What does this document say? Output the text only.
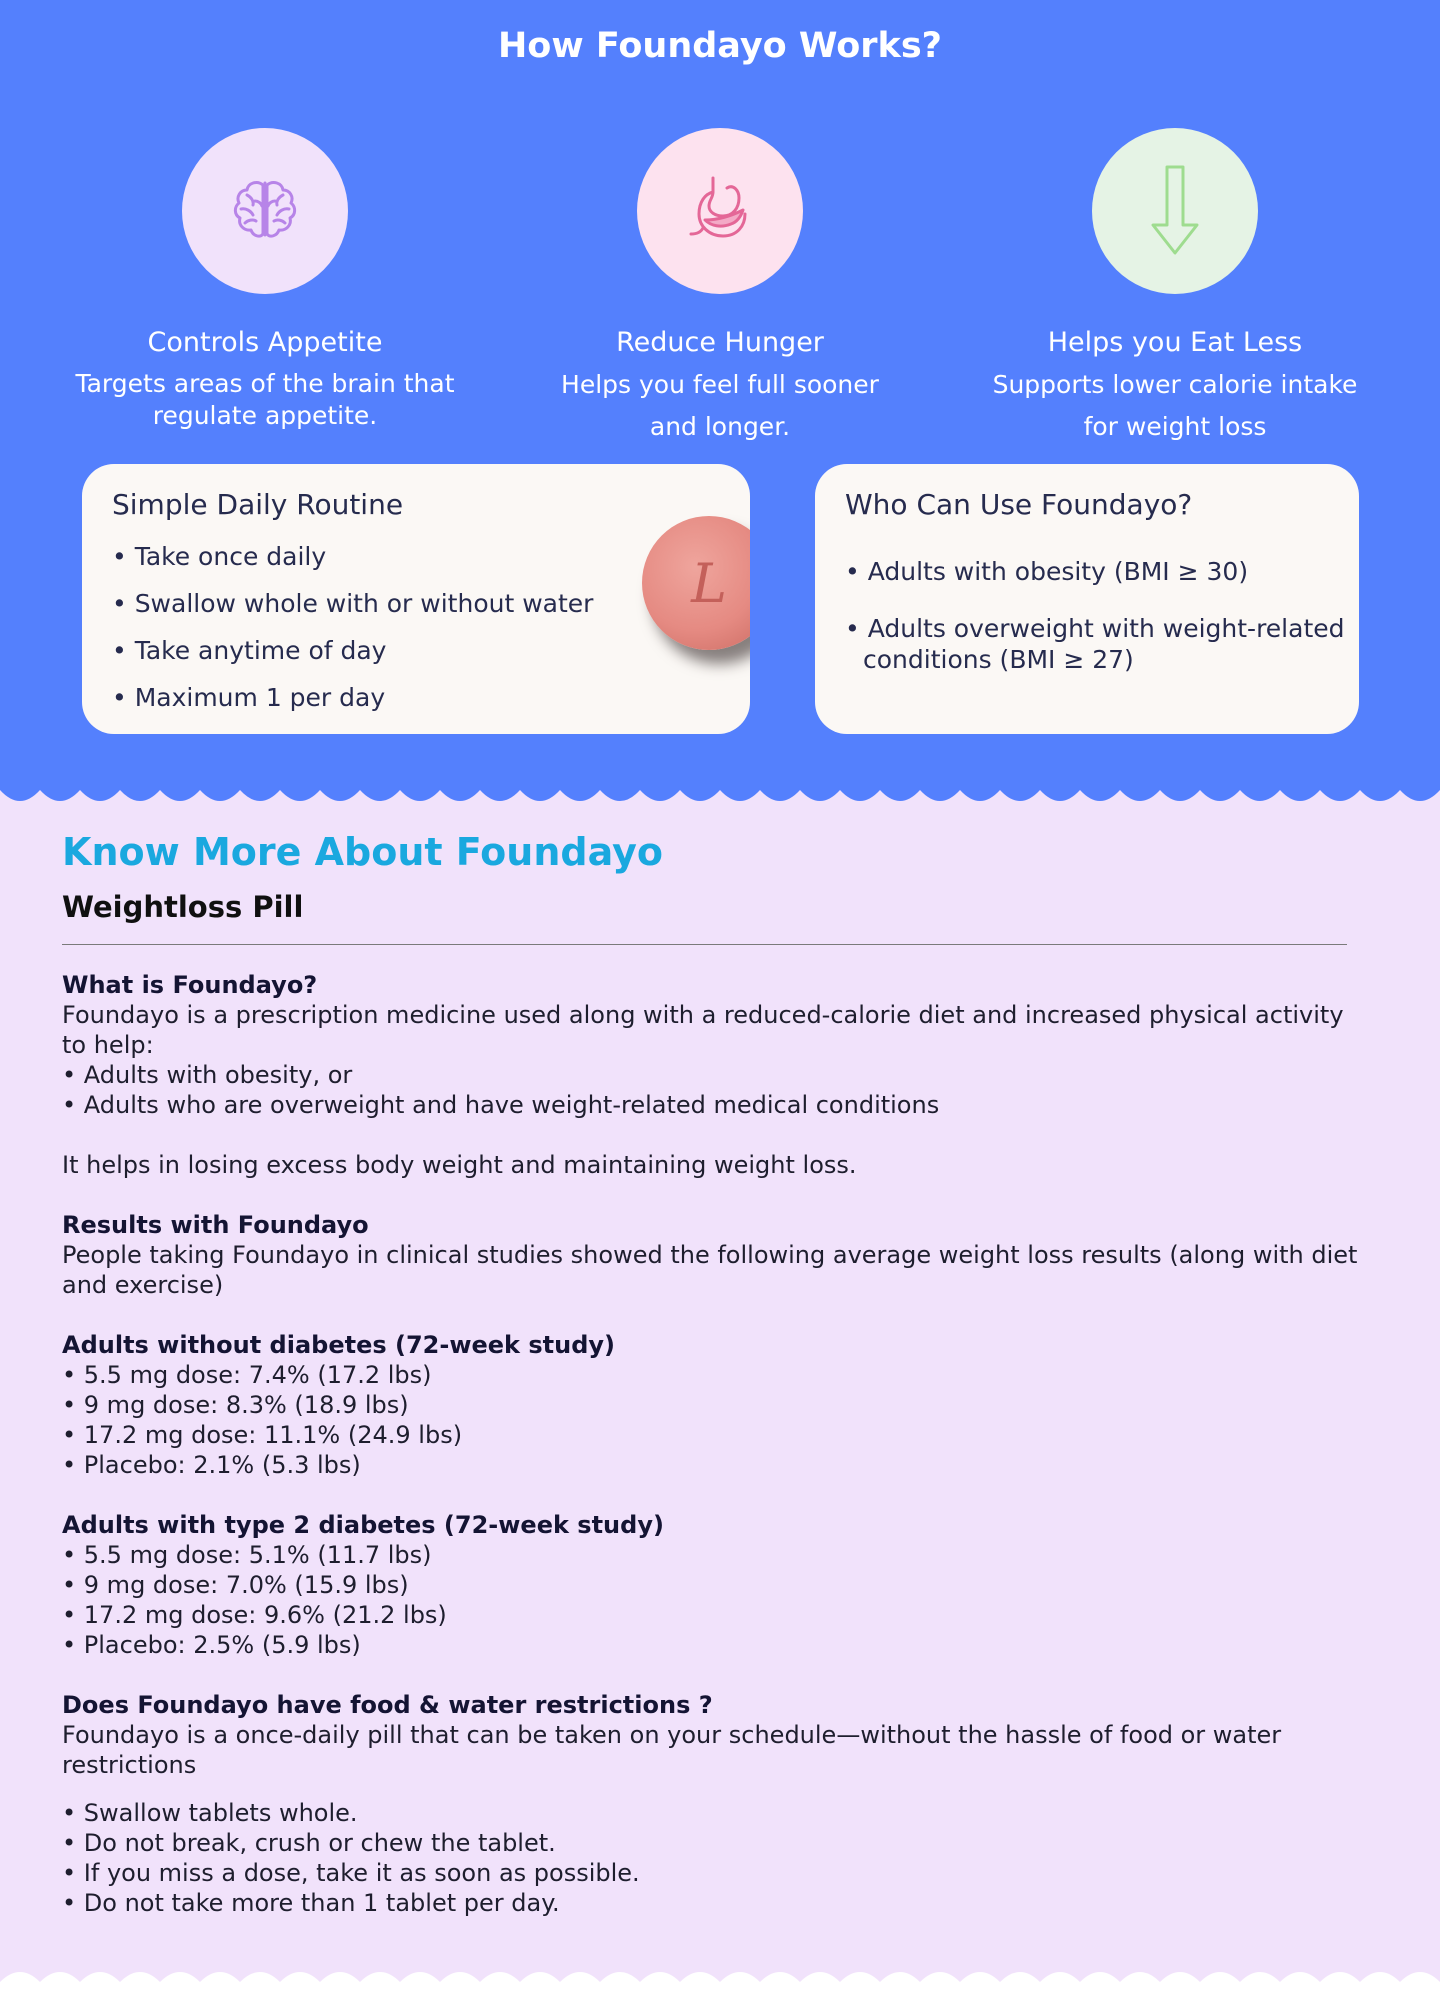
How Foundayo Works?
Controls Appetite
Targets areas of the brain that regulate appetite.
Reduce Hunger
Helps you feel full sooner and longer.
Helps you Eat Less
Supports lower calorie intake for weight loss
Simple Daily Routine
• Take once daily
• Swallow whole with or without water
• Take anytime of day
• Maximum 1 per day
L
Who Can Use Foundayo?
• Adults with obesity (BMI ≥ 30)
• Adults overweight with weight-related conditions (BMI ≥ 27)
Know More About Foundayo
Weightloss Pill
What is Foundayo?
Foundayo is a prescription medicine used along with a reduced-calorie diet and increased physical activity to help:
• Adults with obesity, or
• Adults who are overweight and have weight-related medical conditions
It helps in losing excess body weight and maintaining weight loss.
Results with Foundayo
People taking Foundayo in clinical studies showed the following average weight loss results (along with diet and exercise)
Adults without diabetes (72-week study)
• 5.5 mg dose: 7.4% (17.2 lbs)
• 9 mg dose: 8.3% (18.9 lbs)
• 17.2 mg dose: 11.1% (24.9 lbs)
• Placebo: 2.1% (5.3 lbs)
Adults with type 2 diabetes (72-week study)
• 5.5 mg dose: 5.1% (11.7 lbs)
• 9 mg dose: 7.0% (15.9 lbs)
• 17.2 mg dose: 9.6% (21.2 lbs)
• Placebo: 2.5% (5.9 lbs)
Does Foundayo have food & water restrictions ?
Foundayo is a once-daily pill that can be taken on your schedule—without the hassle of food or water restrictions
• Swallow tablets whole.
• Do not break, crush or chew the tablet.
• If you miss a dose, take it as soon as possible.
• Do not take more than 1 tablet per day.
